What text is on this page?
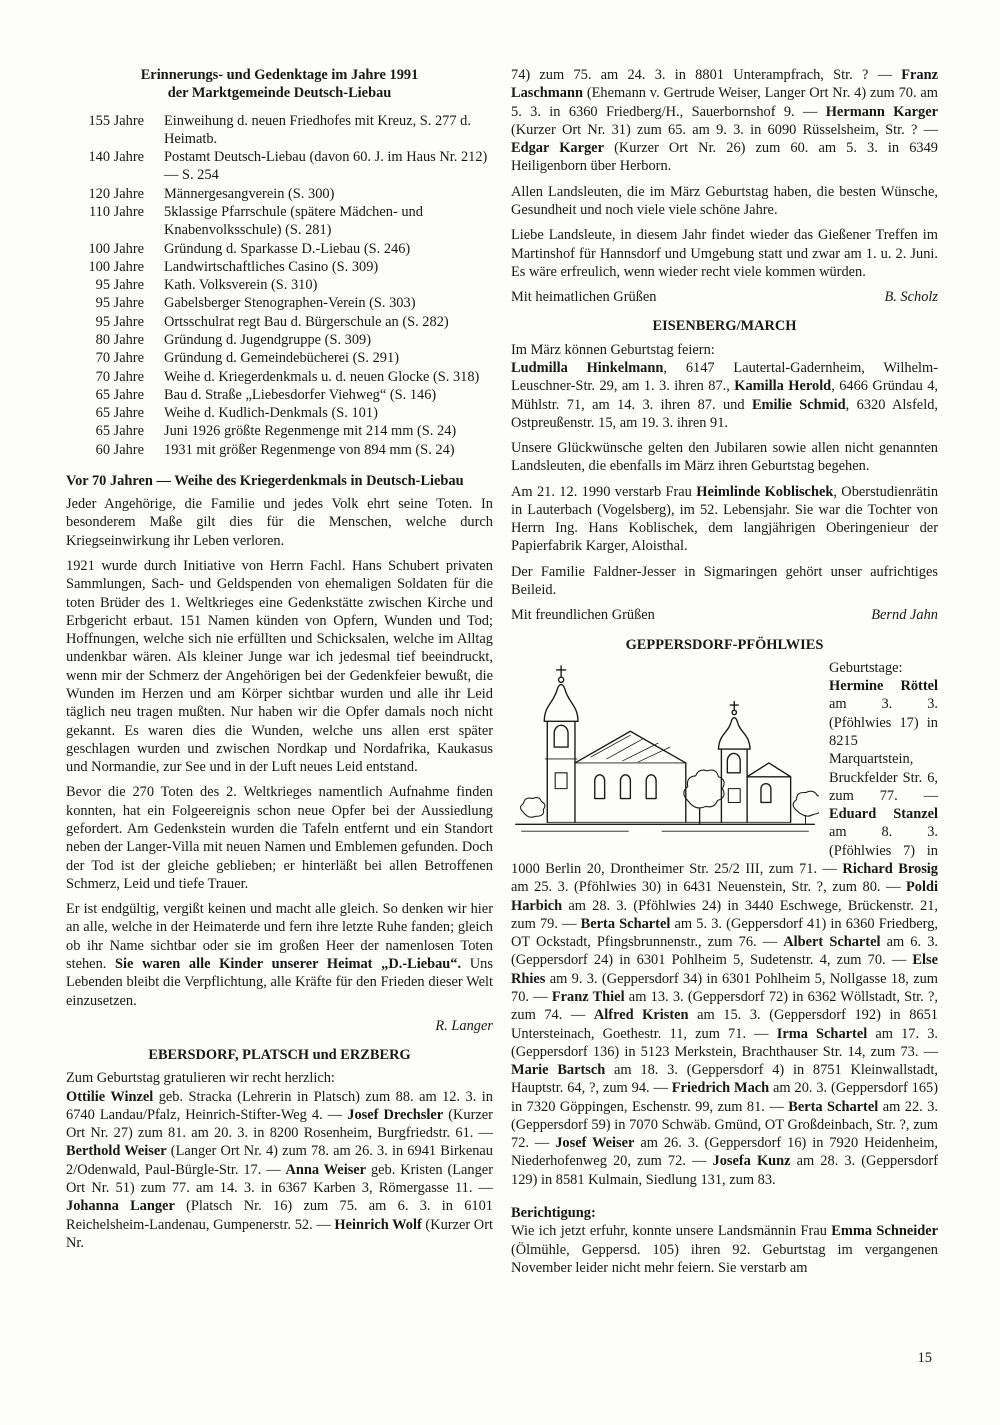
Erinnerungs- und Gedenktage im Jahre 1991
der Marktgemeinde Deutsch-Liebau
155 Jahre Einweihung d. neuen Friedhofes mit Kreuz, S. 277 d. Heimatb.
140 Jahre Postamt Deutsch-Liebau (davon 60. J. im Haus Nr. 212) — S. 254
120 Jahre Männergesangverein (S. 300)
110 Jahre 5klassige Pfarrschule (spätere Mädchen- und Knabenvolksschule) (S. 281)
100 Jahre Gründung d. Sparkasse D.-Liebau (S. 246)
100 Jahre Landwirtschaftliches Casino (S. 309)
95 Jahre Kath. Volksverein (S. 310)
95 Jahre Gabelsberger Stenographen-Verein (S. 303)
95 Jahre Ortsschulrat regt Bau d. Bürgerschule an (S. 282)
80 Jahre Gründung d. Jugendgruppe (S. 309)
70 Jahre Gründung d. Gemeindebücherei (S. 291)
70 Jahre Weihe d. Kriegerdenkmals u. d. neuen Glocke (S. 318)
65 Jahre Bau d. Straße „Liebesdorfer Viehweg“ (S. 146)
65 Jahre Weihe d. Kudlich-Denkmals (S. 101)
65 Jahre Juni 1926 größte Regenmenge mit 214 mm (S. 24)
60 Jahre 1931 mit größer Regenmenge von 894 mm (S. 24)
Vor 70 Jahren — Weihe des Kriegerdenkmals in Deutsch-Liebau

Jeder Angehörige, die Familie und jedes Volk ehrt seine Toten. In besonderem Maße gilt dies für die Menschen, welche durch Kriegseinwirkung ihr Leben verloren.

1921 wurde durch Initiative von Herrn Fachl. Hans Schubert privaten Sammlungen, Sach- und Geldspenden von ehemaligen Soldaten für die toten Brüder des 1. Weltkrieges eine Gedenkstätte zwischen Kirche und Erbgericht erbaut. 151 Namen künden von Opfern, Wunden und Tod; Hoffnungen, welche sich nie erfüllten und Schicksalen, welche im Alltag undenkbar wären. Als kleiner Junge war ich jedesmal tief beeindruckt, wenn mir der Schmerz der Angehörigen bei der Gedenkfeier bewußt, die Wunden im Herzen und am Körper sichtbar wurden und alle ihr Leid täglich neu tragen mußten. Nur haben wir die Opfer damals noch nicht gekannt. Es waren dies die Wunden, welche uns allen erst später geschlagen wurden und zwischen Nordkap und Nordafrika, Kaukasus und Normandie, zur See und in der Luft neues Leid entstand.

Bevor die 270 Toten des 2. Weltkrieges namentlich Aufnahme finden konnten, hat ein Folgeereignis schon neue Opfer bei der Aussiedlung gefordert. Am Gedenkstein wurden die Tafeln entfernt und ein Standort neben der Langer-Villa mit neuen Namen und Emblemen gefunden. Doch der Tod ist der gleiche geblieben; er hinterläßt bei allen Betroffenen Schmerz, Leid und tiefe Trauer.

Er ist endgültig, vergißt keinen und macht alle gleich. So denken wir hier an alle, welche in der Heimaterde und fern ihre letzte Ruhe fanden; gleich ob ihr Name sichtbar oder sie im großen Heer der namenlosen Toten stehen. Sie waren alle Kinder unserer Heimat „D.-Liebau“. Uns Lebenden bleibt die Verpflichtung, alle Kräfte für den Frieden dieser Welt einzusetzen.

R. Langer
EBERSDORF, PLATSCH und ERZBERG
Zum Geburtstag gratulieren wir recht herzlich:

Ottilie Winzel geb. Stracka (Lehrerin in Platsch) zum 88. am 12. 3. in 6740 Landau/Pfalz, Heinrich-Stifter-Weg 4. — Josef Drechsler (Kurzer Ort Nr. 27) zum 81. am 20. 3. in 8200 Rosenheim, Burgfriedstr. 61. — Berthold Weiser (Langer Ort Nr. 4) zum 78. am 26. 3. in 6941 Birkenau 2/Odenwald, Paul-Bürgle-Str. 17. — Anna Weiser geb. Kristen (Langer Ort Nr. 51) zum 77. am 14. 3. in 6367 Karben 3, Römergasse 11. — Johanna Langer (Platsch Nr. 16) zum 75. am 6. 3. in 6101 Reichelsheim-Landenau, Gumpenerstr. 52. — Heinrich Wolf (Kurzer Ort Nr.

74) zum 75. am 24. 3. in 8801 Unterampfrach, Str. ? — Franz Laschmann (Ehemann v. Gertrude Weiser, Langer Ort Nr. 4) zum 70. am 5. 3. in 6360 Friedberg/H., Sauerbornshof 9. — Hermann Karger (Kurzer Ort Nr. 31) zum 65. am 9. 3. in 6090 Rüsselsheim, Str. ? — Edgar Karger (Kurzer Ort Nr. 26) zum 60. am 5. 3. in 6349 Heiligenborn über Herborn.

Allen Landsleuten, die im März Geburtstag haben, die besten Wünsche, Gesundheit und noch viele viele schöne Jahre.

Liebe Landsleute, in diesem Jahr findet wieder das Gießener Treffen im Martinshof für Hannsdorf und Umgebung statt und zwar am 1. u. 2. Juni. Es wäre erfreulich, wenn wieder recht viele kommen würden.

Mit heimatlichen Grüßen	B. Scholz
EISENBERG/MARCH
Im März können Geburtstag feiern:

Ludmilla Hinkelmann, 6147 Lautertal-Gadernheim, Wilhelm-Leuschner-Str. 29, am 1. 3. ihren 87., Kamilla Herold, 6466 Gründau 4, Mühlstr. 71, am 14. 3. ihren 87. und Emilie Schmid, 6320 Alsfeld, Ostpreußenstr. 15, am 19. 3. ihren 91.

Unsere Glückwünsche gelten den Jubilaren sowie allen nicht genannten Landsleuten, die ebenfalls im März ihren Geburtstag begehen.

Am 21. 12. 1990 verstarb Frau Heimlinde Koblischek, Oberstudienrätin in Lauterbach (Vogelsberg), im 52. Lebensjahr. Sie war die Tochter von Herrn Ing. Hans Koblischek, dem langjährigen Oberingenieur der Papierfabrik Karger, Aloisthal.

Der Familie Faldner-Jesser in Sigmaringen gehört unser aufrichtiges Beileid.

Mit freundlichen Grüßen	Bernd Jahn
GEPPERSDORF-PFÖHLWIES
Geburtstage:

Hermine Röttel am 3. 3. (Pföhlwies 17) in 8215 Marquartstein, Bruckfelder Str. 6, zum 77. — Eduard Stanzel am 8. 3. (Pföhlwies 7) in 1000 Berlin 20, Drontheimer Str. 25/2 III, zum 71. — Richard Brosig am 25. 3. (Pföhlwies 30) in 6431 Neuenstein, Str. ?, zum 80. — Poldi Harbich am 28. 3. (Pföhlwies 24) in 3440 Eschwege, Brückenstr. 21, zum 79. — Berta Schartel am 5. 3. (Geppersdorf 41) in 6360 Friedberg, OT Ockstadt, Pfingsbrunnenstr., zum 76. — Albert Schartel am 6. 3. (Geppersdorf 24) in 6301 Pohlheim 5, Sudetenstr. 4, zum 70. — Else Rhies am 9. 3. (Geppersdorf 34) in 6301 Pohlheim 5, Nollgasse 18, zum 70. — Franz Thiel am 13. 3. (Geppersdorf 72) in 6362 Wöllstadt, Str. ?, zum 74. — Alfred Kristen am 15. 3. (Geppersdorf 192) in 8651 Untersteinach, Goethestr. 11, zum 71. — Irma Schartel am 17. 3. (Geppersdorf 136) in 5123 Merkstein, Brachthauser Str. 14, zum 73. — Marie Bartsch am 18. 3. (Geppersdorf 4) in 8751 Kleinwallstadt, Hauptstr. 64, ?, zum 94. — Friedrich Mach am 20. 3. (Geppersdorf 165) in 7320 Göppingen, Eschenstr. 99, zum 81. — Berta Schartel am 22. 3. (Geppersdorf 59) in 7070 Schwäb. Gmünd, OT Großdeinbach, Str. ?, zum 72. — Josef Weiser am 26. 3. (Geppersdorf 16) in 7920 Heidenheim, Niederhofenweg 20, zum 72. — Josefa Kunz am 28. 3. (Geppersdorf 129) in 8581 Kulmain, Siedlung 131, zum 83.

Berichtigung:

Wie ich jetzt erfuhr, konnte unsere Landsmännin Frau Emma Schneider (Ölmühle, Geppersd. 105) ihren 92. Geburtstag im vergangenen November leider nicht mehr feiern. Sie verstarb am

15
